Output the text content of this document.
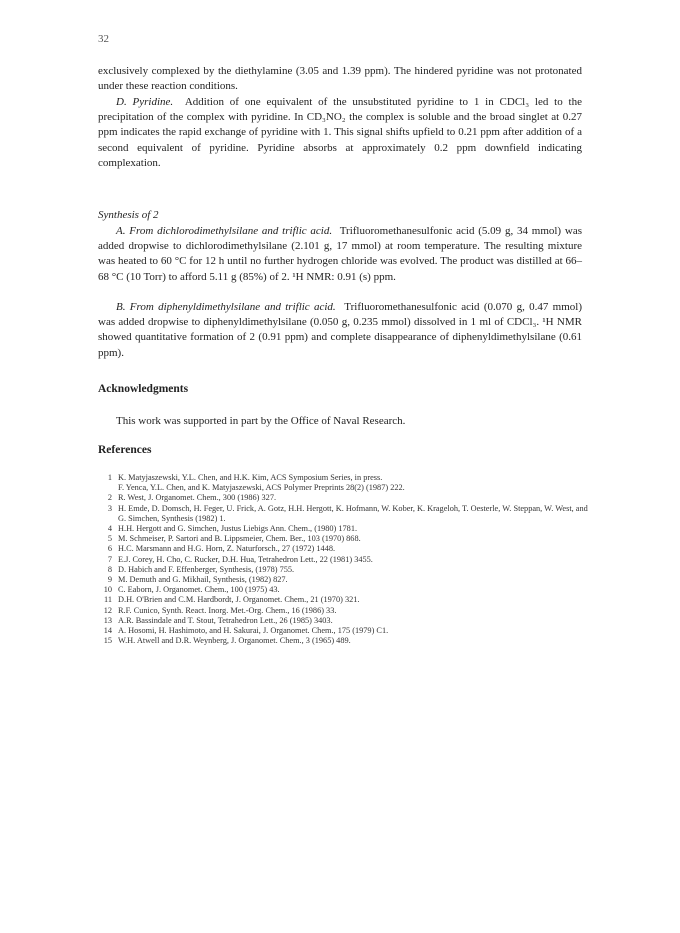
32

exclusively complexed by the diethylamine (3.05 and 1.39 ppm). The hindered pyridine was not protonated under these reaction conditions.

D. Pyridine. Addition of one equivalent of the unsubstituted pyridine to 1 in CDCl₃ led to the precipitation of the complex with pyridine. In CD₃NO₂ the complex is soluble and the broad singlet at 0.27 ppm indicates the rapid exchange of pyridine with 1. This signal shifts upfield to 0.21 ppm after addition of a second equivalent of pyridine. Pyridine absorbs at approximately 0.2 ppm downfield indicating complexation.

Synthesis of 2

A. From dichlorodimethylsilane and triflic acid. Trifluoromethanesulfonic acid (5.09 g, 34 mmol) was added dropwise to dichlorodimethylsilane (2.101 g, 17 mmol) at room temperature. The resulting mixture was heated to 60 °C for 12 h until no further hydrogen chloride was evolved. The product was distilled at 66–68 °C (10 Torr) to afford 5.11 g (85%) of 2. ¹H NMR: 0.91 (s) ppm.

B. From diphenyldimethylsilane and triflic acid. Trifluoromethanesulfonic acid (0.070 g, 0.47 mmol) was added dropwise to diphenyldimethylsilane (0.050 g, 0.235 mmol) dissolved in 1 ml of CDCl₃. ¹H NMR showed quantitative formation of 2 (0.91 ppm) and complete disappearance of diphenyldimethylsilane (0.61 ppm).

Acknowledgments

This work was supported in part by the Office of Naval Research.

References
1 K. Matyjaszewski, Y.L. Chen, and H.K. Kim, ACS Symposium Series, in press.
F. Yenca, Y.L. Chen, and K. Matyjaszewski, ACS Polymer Preprints 28(2) (1987) 222.
2 R. West, J. Organomet. Chem., 300 (1986) 327.
3 H. Emde, D. Domsch, H. Feger, U. Frick, A. Gotz, H.H. Hergott, K. Hofmann, W. Kober, K. Krageloh, T. Oesterle, W. Steppan, W. West, and G. Simchen, Synthesis (1982) 1.
4 H.H. Hergott and G. Simchen, Justus Liebigs Ann. Chem., (1980) 1781.
5 M. Schmeiser, P. Sartori and B. Lippsmeier, Chem. Ber., 103 (1970) 868.
6 H.C. Marsmann and H.G. Horn, Z. Naturforsch., 27 (1972) 1448.
7 E.J. Corey, H. Cho, C. Rucker, D.H. Hua, Tetrahedron Lett., 22 (1981) 3455.
8 D. Habich and F. Effenberger, Synthesis, (1978) 755.
9 M. Demuth and G. Mikhail, Synthesis, (1982) 827.
10 C. Eaborn, J. Organomet. Chem., 100 (1975) 43.
11 D.H. O'Brien and C.M. Hardbordt, J. Organomet. Chem., 21 (1970) 321.
12 R.F. Cunico, Synth. React. Inorg. Met.-Org. Chem., 16 (1986) 33.
13 A.R. Bassindale and T. Stout, Tetrahedron Lett., 26 (1985) 3403.
14 A. Hosomi, H. Hashimoto, and H. Sakurai, J. Organomet. Chem., 175 (1979) C1.
15 W.H. Atwell and D.R. Weynberg, J. Organomet. Chem., 3 (1965) 489.
